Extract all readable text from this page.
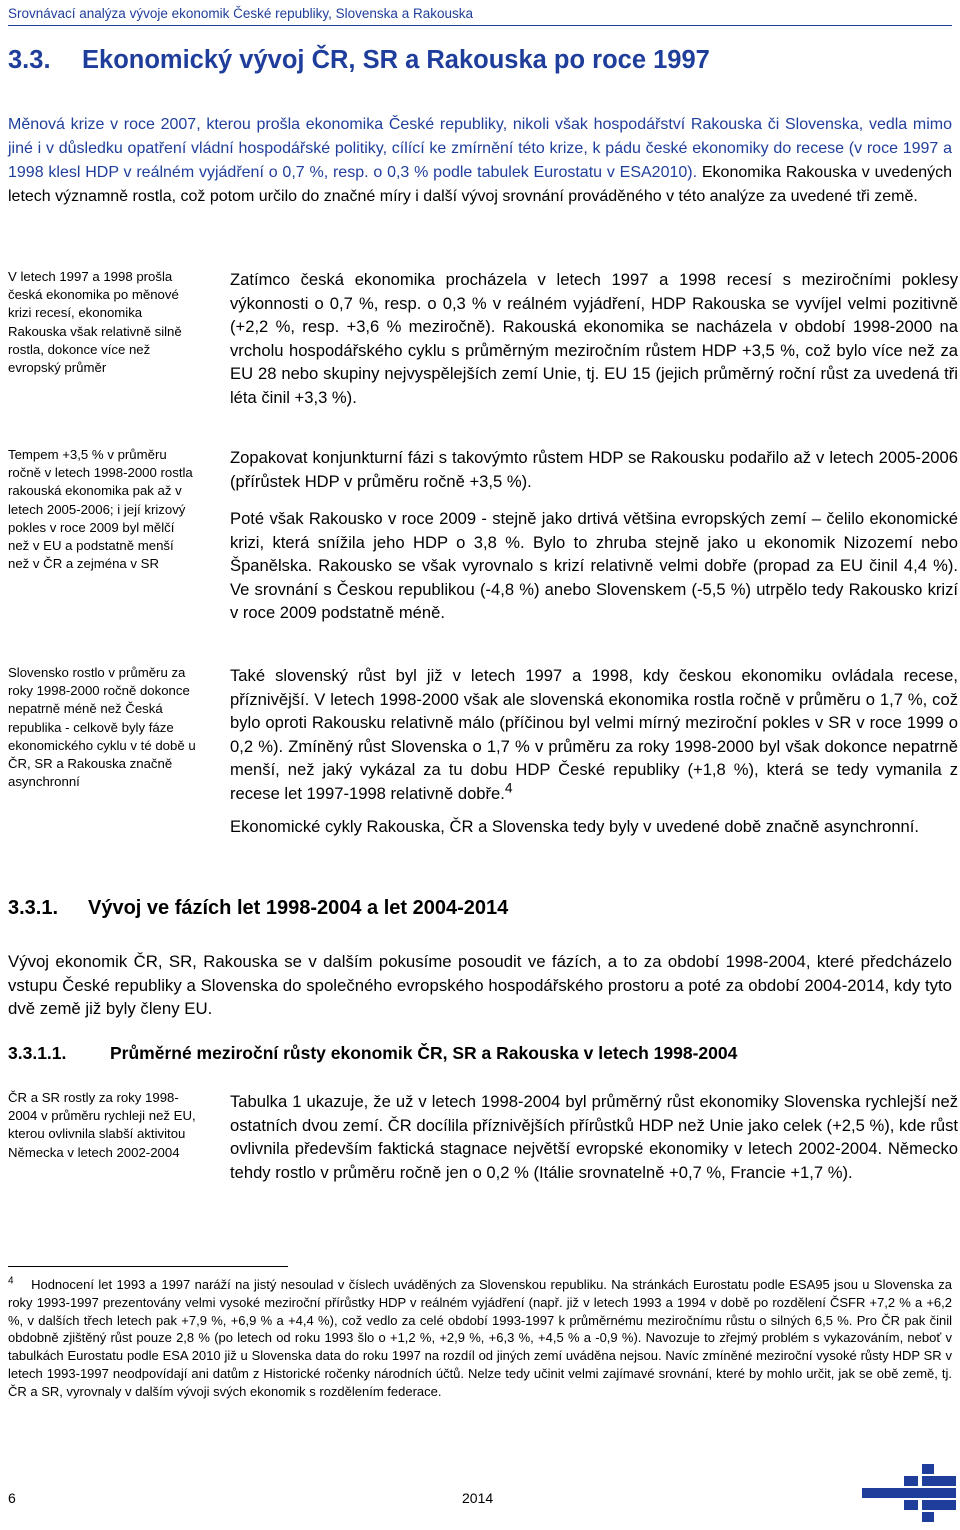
Srovnávací analýza vývoje ekonomik České republiky, Slovenska a Rakouska
3.3. Ekonomický vývoj ČR, SR a Rakouska po roce 1997

Měnová krize v roce 2007, kterou prošla ekonomika České republiky, nikoli však hospodářství Rakouska či Slovenska, vedla mimo jiné i v důsledku opatření vládní hospodářské politiky, cílící ke zmírnění této krize, k pádu české ekonomiky do recese (v roce 1997 a 1998 klesl HDP v reálném vyjádření o 0,7 %, resp. o 0,3 % podle tabulek Eurostatu v ESA2010). Ekonomika Rakouska v uvedených letech významně rostla, což potom určilo do značné míry i další vývoj srovnání prováděného v této analýze za uvedené tři země.

V letech 1997 a 1998 prošla česká ekonomika po měnové krizi recesí, ekonomika Rakouska však relativně silně rostla, dokonce více než evropský průměr

Tempem +3,5 % v průměru ročně v letech 1998-2000 rostla rakouská ekonomika pak až v letech 2005-2006; i její krizový pokles v roce 2009 byl mělčí než v EU a podstatně menší než v ČR a zejména v SR

Slovensko rostlo v průměru za roky 1998-2000 ročně dokonce nepatrně méně než Česká republika - celkově byly fáze ekonomického cyklu v té době u ČR, SR a Rakouska značně asynchronní

ČR a SR rostly za roky 1998-2004 v průměru rychleji než EU, kterou ovlivnila slabší aktivitou Německa v letech 2002-2004

Zatímco česká ekonomika procházela v letech 1997 a 1998 recesí s meziročními poklesy výkonnosti o 0,7 %, resp. o 0,3 % v reálném vyjádření, HDP Rakouska se vyvíjel velmi pozitivně (+2,2 %, resp. +3,6 % meziročně). Rakouská ekonomika se nacházela v období 1998-2000 na vrcholu hospodářského cyklu s průměrným meziročním růstem HDP +3,5 %, což bylo více než za EU 28 nebo skupiny nejvyspělejších zemí Unie, tj. EU 15 (jejich průměrný roční růst za uvedená tři léta činil +3,3 %).

Zopakovat konjunkturní fázi s takovýmto růstem HDP se Rakousku podařilo až v letech 2005-2006 (přírůstek HDP v průměru ročně +3,5 %).

Poté však Rakousko v roce 2009 - stejně jako drtivá většina evropských zemí – čelilo ekonomické krizi, která snížila jeho HDP o 3,8 %. Bylo to zhruba stejně jako u ekonomik Nizozemí nebo Španělska. Rakousko se však vyrovnalo s krizí relativně velmi dobře (propad za EU činil 4,4 %). Ve srovnání s Českou republikou (-4,8 %) anebo Slovenskem (-5,5 %) utrpělo tedy Rakousko krizí v roce 2009 podstatně méně.

Také slovenský růst byl již v letech 1997 a 1998, kdy českou ekonomiku ovládala recese, příznivější. V letech 1998-2000 však ale slovenská ekonomika rostla ročně v průměru o 1,7 %, což bylo oproti Rakousku relativně málo (příčinou byl velmi mírný meziroční pokles v SR v roce 1999 o 0,2 %). Zmíněný růst Slovenska o 1,7 % v průměru za roky 1998-2000 byl však dokonce nepatrně menší, než jaký vykázal za tu dobu HDP České republiky (+1,8 %), která se tedy vymanila z recese let 1997-1998 relativně dobře.$^4$

Ekonomické cykly Rakouska, ČR a Slovenska tedy byly v uvedené době značně asynchronní.

3.3.1. Vývoj ve fázích let 1998-2004 a let 2004-2014

Vývoj ekonomik ČR, SR, Rakouska se v dalším pokusíme posoudit ve fázích, a to za období 1998-2004, které předcházelo vstupu České republiky a Slovenska do společného evropského hospodářského prostoru a poté za období 2004-2014, kdy tyto dvě země již byly členy EU.

3.3.1.1. Průměrné meziroční růsty ekonomik ČR, SR a Rakouska v letech 1998-2004

Tabulka 1 ukazuje, že už v letech 1998-2004 byl průměrný růst ekonomiky Slovenska rychlejší než ostatních dvou zemí. ČR docílila příznivějších přírůstků HDP než Unie jako celek (+2,5 %), kde růst ovlivnila především faktická stagnace největší evropské ekonomiky v letech 2002-2004. Německo tehdy rostlo v průměru ročně jen o 0,2 % (Itálie srovnatelně +0,7 %, Francie +1,7 %).

$^4$ Hodnocení let 1993 a 1997 naráží na jistý nesoulad v číslech uváděných za Slovenskou republiku. Na stránkách Eurostatu podle ESA95 jsou u Slovenska za roky 1993-1997 prezentovány velmi vysoké meziroční přírůstky HDP v reálném vyjádření (např. již v letech 1993 a 1994 v době po rozdělení ČSFR +7,2 % a +6,2 %, v dalších třech letech pak +7,9 %, +6,9 % a +4,4 %), což vedlo za celé období 1993-1997 k průměrnému meziročnímu růstu o silných 6,5 %. Pro ČR pak činil obdobně zjištěný růst pouze 2,8 % (po letech od roku 1993 šlo o +1,2 %, +2,9 %, +6,3 %, +4,5 % a -0,9 %). Navozuje to zřejmý problém s vykazováním, neboť v tabulkách Eurostatu podle ESA 2010 již u Slovenska data do roku 1997 na rozdíl od jiných zemí uváděna nejsou. Navíc zmíněné meziroční vysoké růsty HDP SR v letech 1993-1997 neodpovídají ani datům z Historické ročenky národních účtů. Nelze tedy učinit velmi zajímavé srovnání, které by mohlo určit, jak se obě země, tj. ČR a SR, vyrovnaly v dalším vývoji svých ekonomik s rozdělením federace.

6	2014
